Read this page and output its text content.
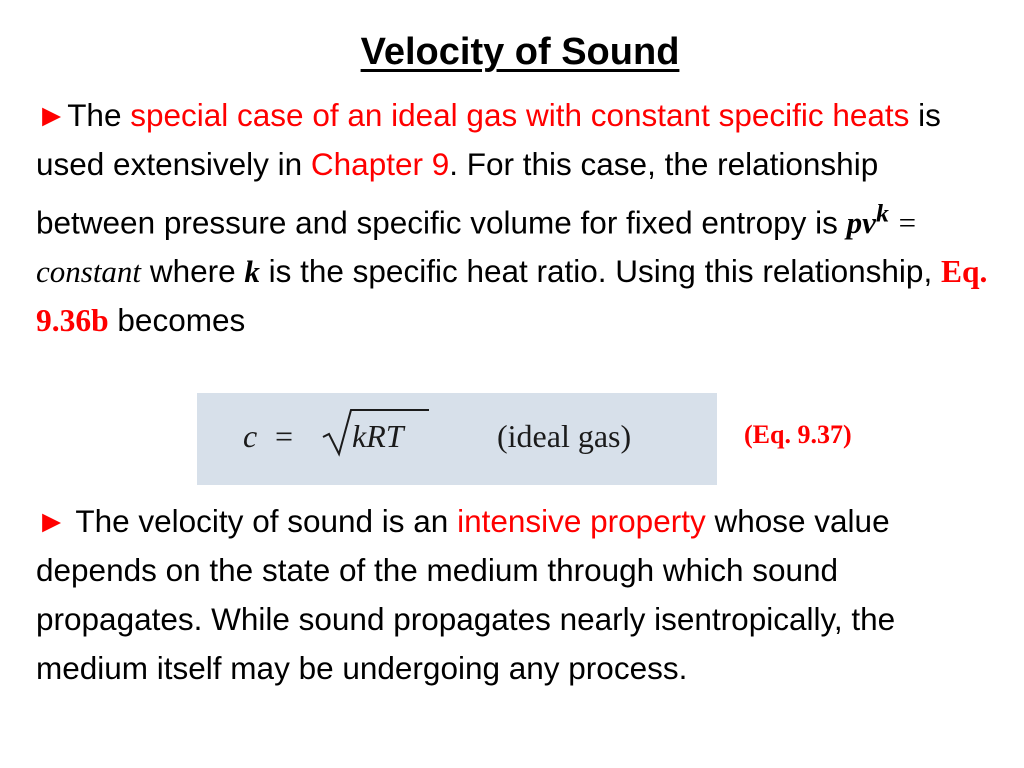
Velocity of Sound
►The special case of an ideal gas with constant specific heats is used extensively in Chapter 9. For this case, the relationship between pressure and specific volume for fixed entropy is $pv^k$ = constant where k is the specific heat ratio. Using this relationship, Eq. 9.36b becomes
c = kRT	(ideal gas)	(Eq. 9.37)
► The velocity of sound is an intensive property whose value depends on the state of the medium through which sound propagates. While sound propagates nearly isentropically, the medium itself may be undergoing any process.
